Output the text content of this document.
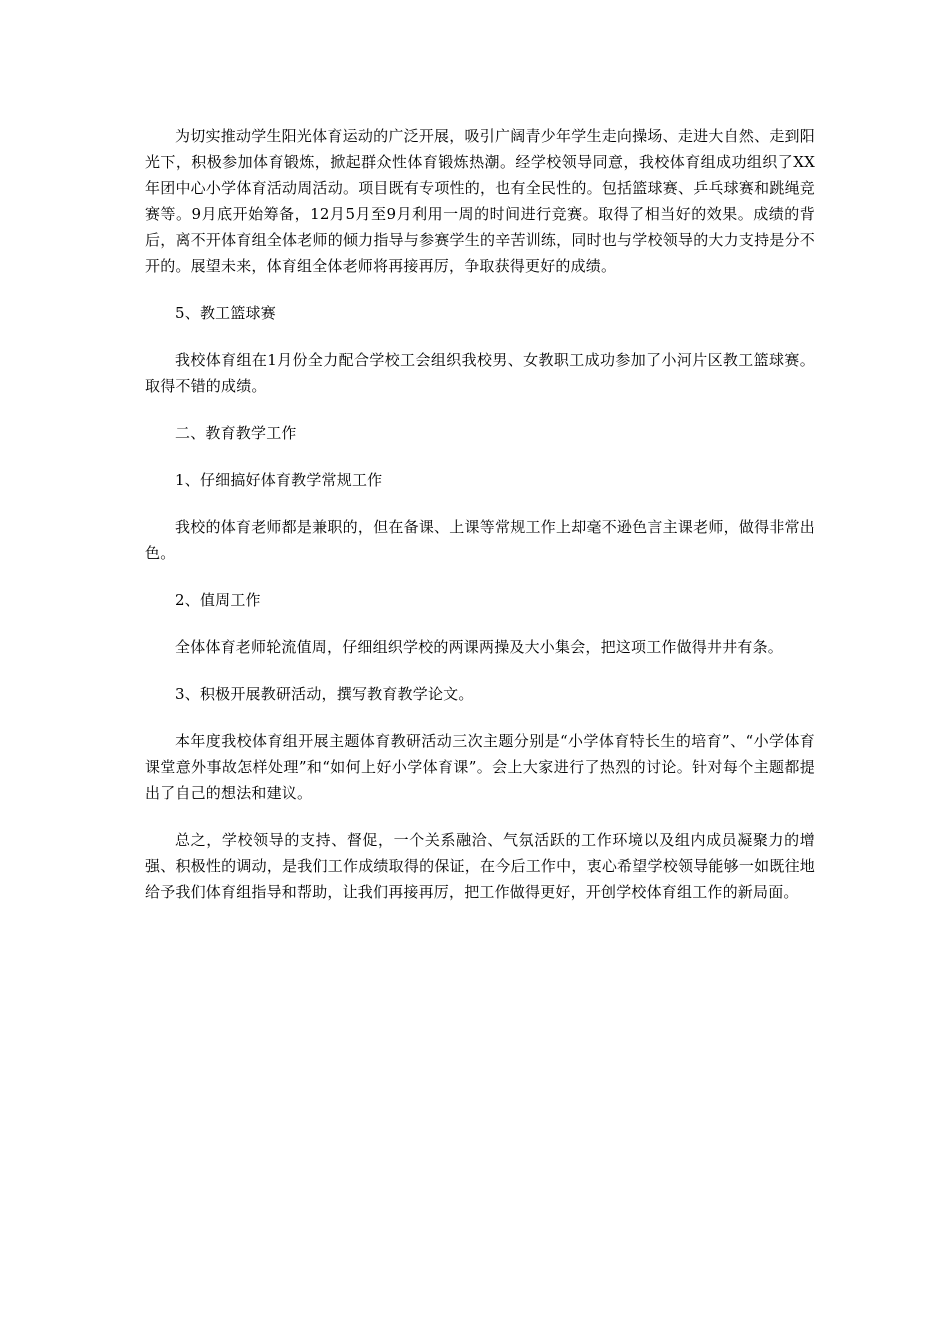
为切实推动学生阳光体育运动的广泛开展，吸引广阔青少年学生走向操场、走进大自然、走到阳光下，积极参加体育锻炼，掀起群众性体育锻炼热潮。经学校领导同意，我校体育组成功组织了XX年团中心小学体育活动周活动。项目既有专项性的，也有全民性的。包括篮球赛、乒乓球赛和跳绳竞赛等。9月底开始筹备，12月5月至9月利用一周的时间进行竞赛。取得了相当好的效果。成绩的背后，离不开体育组全体老师的倾力指导与参赛学生的辛苦训练，同时也与学校领导的大力支持是分不开的。展望未来，体育组全体老师将再接再厉，争取获得更好的成绩。

5、教工篮球赛

我校体育组在1月份全力配合学校工会组织我校男、女教职工成功参加了小河片区教工篮球赛。取得不错的成绩。

二、教育教学工作

1、仔细搞好体育教学常规工作

我校的体育老师都是兼职的，但在备课、上课等常规工作上却毫不逊色言主课老师，做得非常出色。

2、值周工作

全体体育老师轮流值周，仔细组织学校的两课两操及大小集会，把这项工作做得井井有条。

3、积极开展教研活动，撰写教育教学论文。

本年度我校体育组开展主题体育教研活动三次主题分别是“小学体育特长生的培育”、“小学体育课堂意外事故怎样处理”和“如何上好小学体育课”。会上大家进行了热烈的讨论。针对每个主题都提出了自己的想法和建议。

总之，学校领导的支持、督促，一个关系融洽、气氛活跃的工作环境以及组内成员凝聚力的增强、积极性的调动，是我们工作成绩取得的保证，在今后工作中，衷心希望学校领导能够一如既往地给予我们体育组指导和帮助，让我们再接再厉，把工作做得更好，开创学校体育组工作的新局面。
